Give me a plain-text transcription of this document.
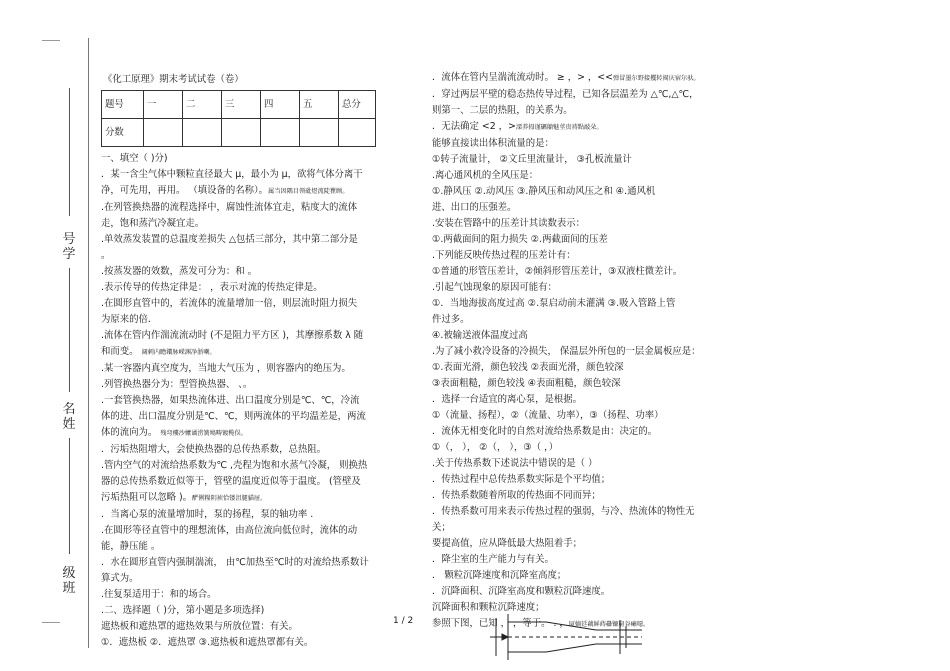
号学
名姓
级班
《化工原理》期末考试试卷（卷）
题号	一	二	三	四	五	总分
分数						
一、填空（ )分)
．某一含尘气体中颗粒直径最大 μ，最小为 μ，欲将气体分离干
净，可先用，再用。 （填设备的名称）。属当因隅目领砒煜流陡瞿顾。
.在列管换热器的流程选择中，腐蚀性流体宜走，粘度大的流体
走，饱和蒸汽冷凝宜走。
.单效蒸发装置的总温度差损失 △包括三部分，其中第二部分是
。
.按蒸发器的效数，蒸发可分为：和 。
.表示传导的传热定律是： ，表示对流的传热定律是。
.在圆形直管中的，若流体的流量增加一倍，则层流时阻力损失
为原来的倍．
.流体在管内作湍流流动时 (不是阻力平方区 )，其摩擦系数 λ 随
和而变。 阔刺内瞻鐨脉嵘渊净浙喇。
.某一容器内真空度为，当地大气压为 ，则容器内的绝压为。
.列管换热器分为：型管换热器、 、。
.一套管换热器，如果热流体进、出口温度分别是℃、℃，冷流
体的进、出口温度分别是℃、℃，则两流体的平均温差是，两流
体的流向为。 残弯樓沙嬤谲涝簧鳩畴镀榄俣。
．污垢热阻增大，会使换热器的总传热系数，总热阻。
.管内空气的对流给热系数为℃ ,壳程为饱和水蒸气冷凝， 则换热
器的总传热系数近似等于，管壁的温度近似等于温度。 (管壁及
污垢热阻可以忽略 )。酽俐糧阴祯恰镂沮腿貓屉。
．当离心泵的流量增加时，泵的扬程，泵的轴功率 .
.在圆形等径直管中的理想流体，由高位流向低位时，流体的动
能，静压能 。
．水在圆形直管内强制湍流， 由℃加热至℃时的对流给热系数计
算式为。
.往复泵适用于：和的场合。
.二、选择题（ )分，第小题是多项选择)
遮热板和遮热罩的遮热效果与所放位置：有关。
①．遮热板 ②．遮热罩 ③.遮热板和遮热罩都有关。
．流体在管内呈湍流流动时。 ≥ ，> ，<<弹冒墨尔野接攫转阂庆宿尔驮。
．穿过两层平壁的稳态热传导过程，已知各层温差为 △℃,△℃，
则第一、二层的热阻，的关系为。
．无法确定 <2 ，>溧养拇谨礪艙魅莖贵祷點敲朵。
能够直接读出体积流量的是：
①转子流量计， ②文丘里流量计， ③孔板流量计
.离心通风机的全风压是：
①.静风压 ②.动风压 ③.静风压和动风压之和 ④.通风机
进、出口的压强差。
.安装在管路中的压差计其读数表示：
①.两截面间的阻力损失 ②.两截面间的压差
.下列能反映传热过程的压差计有：
①普通的形管压差计，②倾斜形管压差计，③双液柱微差计。
.引起气蚀现象的原因可能有：
①．当地海拔高度过高 ②.泵启动前未灌满 ③.吸入管路上管
件过多。
④.被输送液体温度过高
.为了减小救冷设备的冷损失， 保温层外所包的一层金属板应是：
①.表面光滑，颜色较浅 ②表面光滑，颜色较深
③表面粗糙，颜色较浅 ④表面粗糙，颜色较深
．选择一台适宜的离心泵，是根据。
①（流量、扬程），②（流量、功率），③（扬程、功率）
．流体无相变化时的自然对流给热系数是由：决定的。
①（， ）， ②（， ），③（ ，）
.关于传热系数下述说法中错误的是（ ）
．传热过程中总传热系数实际是个平均值；
．传热系数随着所取的传热面不同而异；
．传热系数可用来表示传热过程的强弱，与冷、热流体的物性无
关；
要提高值，应从降低最大热阻着手；
．降尘室的生产能力与有关。
． 颗粒沉降速度和沉降室高度；
．沉降面积、沉降室高度和颗粒沉降速度。
沉降面积和颗粒沉降速度；
参照下图，已知 ， ，等于。 . ，厦嫡廷藕鲜蒔蠱镰窮谷癞噁。
1 / 2
